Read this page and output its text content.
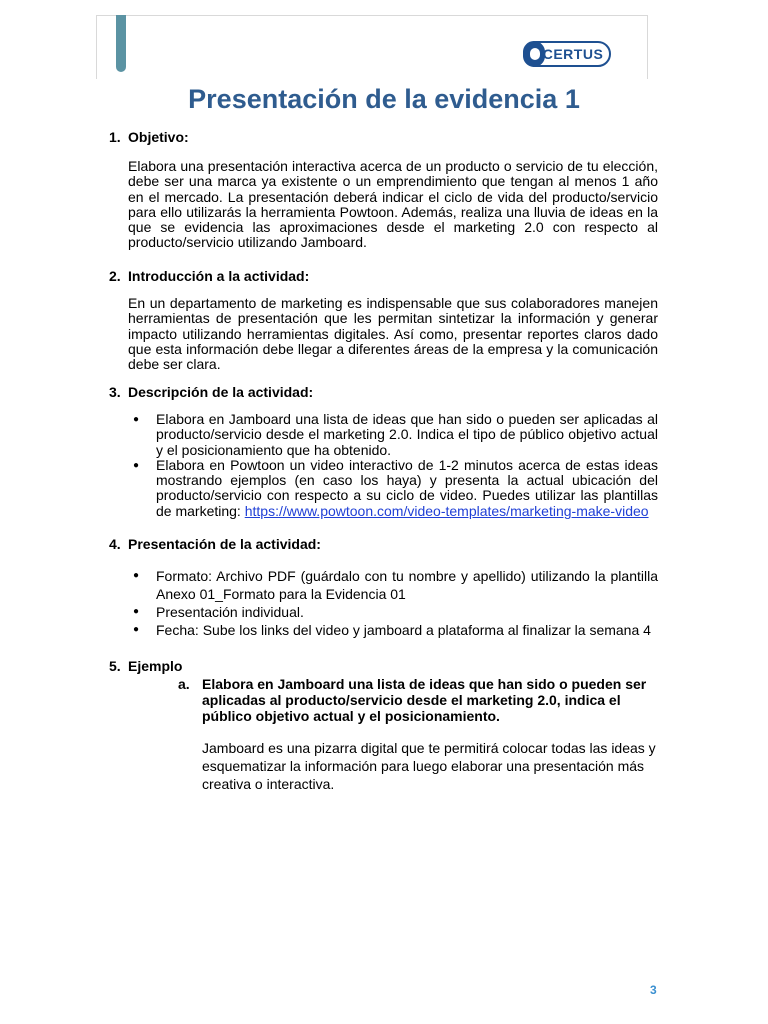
CERTUS
Presentación de la evidencia 1
1. Objetivo:

Elabora una presentación interactiva acerca de un producto o servicio de tu elección, debe ser una marca ya existente o un emprendimiento que tengan al menos 1 año en el mercado. La presentación deberá indicar el ciclo de vida del producto/servicio para ello utilizarás la herramienta Powtoon. Además, realiza una lluvia de ideas en la que se evidencia las aproximaciones desde el marketing 2.0 con respecto al producto/servicio utilizando Jamboard.

2. Introducción a la actividad:

En un departamento de marketing es indispensable que sus colaboradores manejen herramientas de presentación que les permitan sintetizar la información y generar impacto utilizando herramientas digitales. Así como, presentar reportes claros dado que esta información debe llegar a diferentes áreas de la empresa y la comunicación debe ser clara.

3. Descripción de la actividad:
● Elabora en Jamboard una lista de ideas que han sido o pueden ser aplicadas al producto/servicio desde el marketing 2.0. Indica el tipo de público objetivo actual y el posicionamiento que ha obtenido.
● Elabora en Powtoon un video interactivo de 1-2 minutos acerca de estas ideas mostrando ejemplos (en caso los haya) y presenta la actual ubicación del producto/servicio con respecto a su ciclo de video. Puedes utilizar las plantillas de marketing: https://www.powtoon.com/video-templates/marketing-make-video
4. Presentación de la actividad:
● Formato: Archivo PDF (guárdalo con tu nombre y apellido) utilizando la plantilla Anexo 01_Formato para la Evidencia 01
● Presentación individual.
● Fecha: Sube los links del video y jamboard a plataforma al finalizar la semana 4
5. Ejemplo
a. Elabora en Jamboard una lista de ideas que han sido o pueden ser aplicadas al producto/servicio desde el marketing 2.0, indica el público objetivo actual y el posicionamiento.

Jamboard es una pizarra digital que te permitirá colocar todas las ideas y esquematizar la información para luego elaborar una presentación más creativa o interactiva.

3
